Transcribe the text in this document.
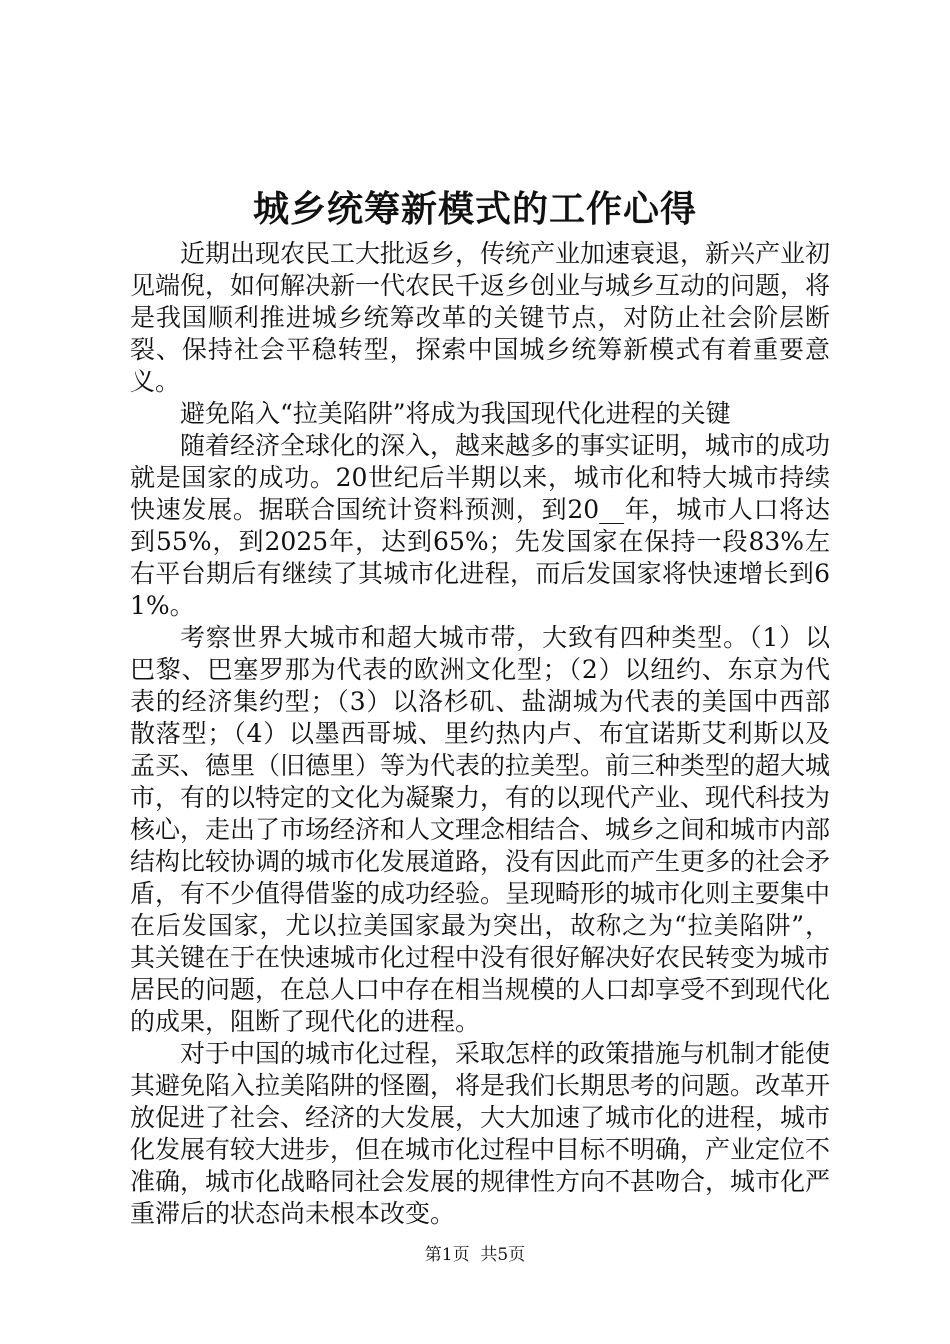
城乡统筹新模式的工作心得

近期出现农民工大批返乡，传统产业加速衰退，新兴产业初见端倪，如何解决新一代农民千返乡创业与城乡互动的问题，将是我国顺利推进城乡统筹改革的关键节点，对防止社会阶层断裂、保持社会平稳转型，探索中国城乡统筹新模式有着重要意义。

避免陷入“拉美陷阱”将成为我国现代化进程的关键

随着经济全球化的深入，越来越多的事实证明，城市的成功就是国家的成功。20世纪后半期以来，城市化和特大城市持续快速发展。据联合国统计资料预测，到20__年，城市人口将达到55%，到2025年，达到65%；先发国家在保持一段83%左右平台期后有继续了其城市化进程，而后发国家将快速增长到61%。

考察世界大城市和超大城市带，大致有四种类型。（1）以巴黎、巴塞罗那为代表的欧洲文化型；（2）以纽约、东京为代表的经济集约型；（3）以洛杉矶、盐湖城为代表的美国中西部散落型；（4）以墨西哥城、里约热内卢、布宜诺斯艾利斯以及孟买、德里（旧德里）等为代表的拉美型。前三种类型的超大城市，有的以特定的文化为凝聚力，有的以现代产业、现代科技为核心，走出了市场经济和人文理念相结合、城乡之间和城市内部结构比较协调的城市化发展道路，没有因此而产生更多的社会矛盾，有不少值得借鉴的成功经验。呈现畸形的城市化则主要集中在后发国家，尤以拉美国家最为突出，故称之为“拉美陷阱”，其关键在于在快速城市化过程中没有很好解决好农民转变为城市居民的问题，在总人口中存在相当规模的人口却享受不到现代化的成果，阻断了现代化的进程。

对于中国的城市化过程，采取怎样的政策措施与机制才能使其避免陷入拉美陷阱的怪圈，将是我们长期思考的问题。改革开放促进了社会、经济的大发展，大大加速了城市化的进程，城市化发展有较大进步，但在城市化过程中目标不明确，产业定位不准确，城市化战略同社会发展的规律性方向不甚吻合，城市化严重滞后的状态尚未根本改变。

第1页  共5页
